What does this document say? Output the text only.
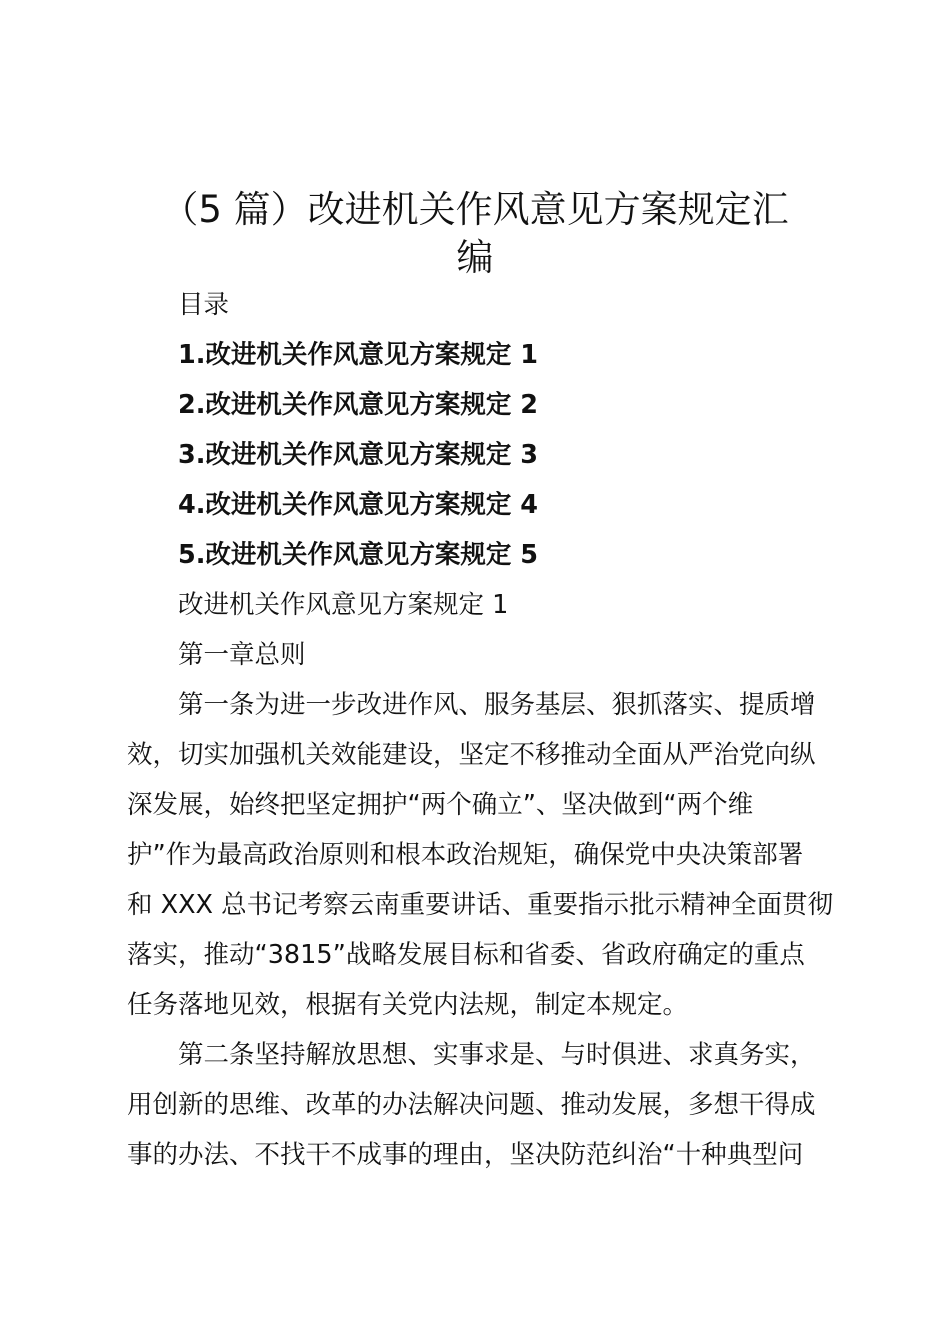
（5 篇）改进机关作风意见方案规定汇
编
目录
1.改进机关作风意见方案规定 1
2.改进机关作风意见方案规定 2
3.改进机关作风意见方案规定 3
4.改进机关作风意见方案规定 4
5.改进机关作风意见方案规定 5
改进机关作风意见方案规定 1
第一章总则
第一条为进一步改进作风、服务基层、狠抓落实、提质增
效，切实加强机关效能建设，坚定不移推动全面从严治党向纵
深发展，始终把坚定拥护“两个确立”、坚决做到“两个维
护”作为最高政治原则和根本政治规矩，确保党中央决策部署
和 XXX 总书记考察云南重要讲话、重要指示批示精神全面贯彻
落实，推动“3815”战略发展目标和省委、省政府确定的重点
任务落地见效，根据有关党内法规，制定本规定。
第二条坚持解放思想、实事求是、与时俱进、求真务实，
用创新的思维、改革的办法解决问题、推动发展，多想干得成
事的办法、不找干不成事的理由，坚决防范纠治“十种典型问
